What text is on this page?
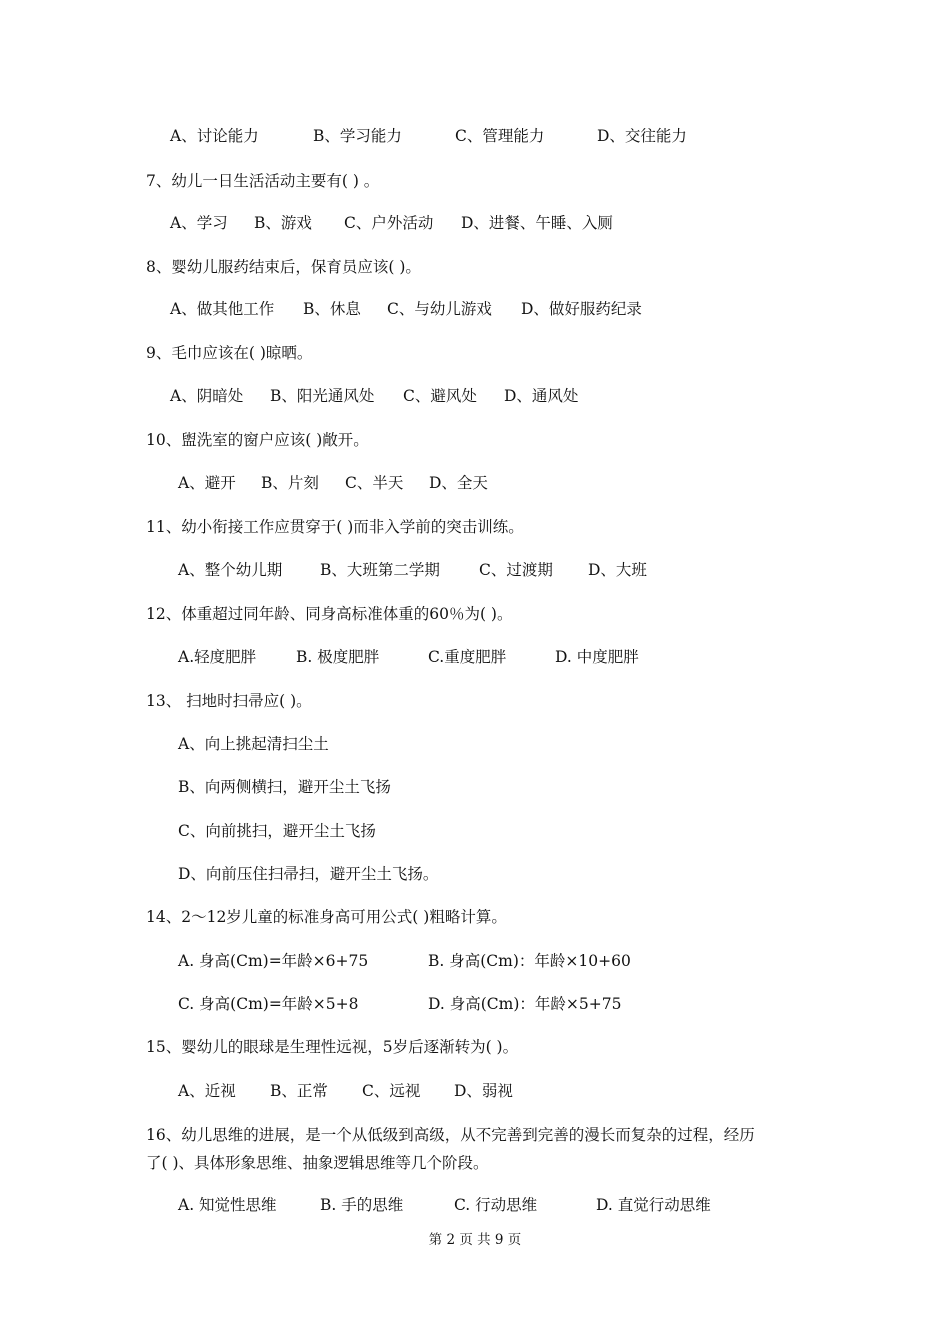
A、讨论能力	B、学习能力	C、管理能力	D、交往能力
7、幼儿一日生活活动主要有( ) 。
A、学习 B、游戏 C、户外活动 D、进餐、午睡、入厕
8、婴幼儿服药结束后，保育员应该( )。
A、做其他工作 B、休息 C、与幼儿游戏 D、做好服药纪录
9、毛巾应该在( )晾晒。
A、阴暗处 B、阳光通风处 C、避风处 D、通风处
10、盥洗室的窗户应该( )敞开。
A、避开 B、片刻 C、半天 D、全天
11、幼小衔接工作应贯穿于( )而非入学前的突击训练。
A、整个幼儿期 B、大班第二学期	C、过渡期 D、大班
12、体重超过同年龄、同身高标准体重的60％为( )。
A.轻度肥胖	B. 极度肥胖	C.重度肥胖	D. 中度肥胖
13、 扫地时扫帚应( )。
A、向上挑起清扫尘土
B、向两侧横扫，避开尘土飞扬
C、向前挑扫，避开尘土飞扬
D、向前压住扫帚扫，避开尘土飞扬。
14、2～12岁儿童的标准身高可用公式( )粗略计算。
A. 身高(Cm)=年龄×6+75	B. 身高(Cm)：年龄×10+60
C. 身高(Cm)=年龄×5+8	D. 身高(Cm)：年龄×5+75
15、婴幼儿的眼球是生理性远视，5岁后逐渐转为( )。
A、近视 B、正常 C、远视 D、弱视
16、幼儿思维的进展，是一个从低级到高级，从不完善到完善的漫长而复杂的过程，经历
了( )、具体形象思维、抽象逻辑思维等几个阶段。
A. 知觉性思维	B. 手的思维	C. 行动思维	D. 直觉行动思维
第 2 页 共 9 页
